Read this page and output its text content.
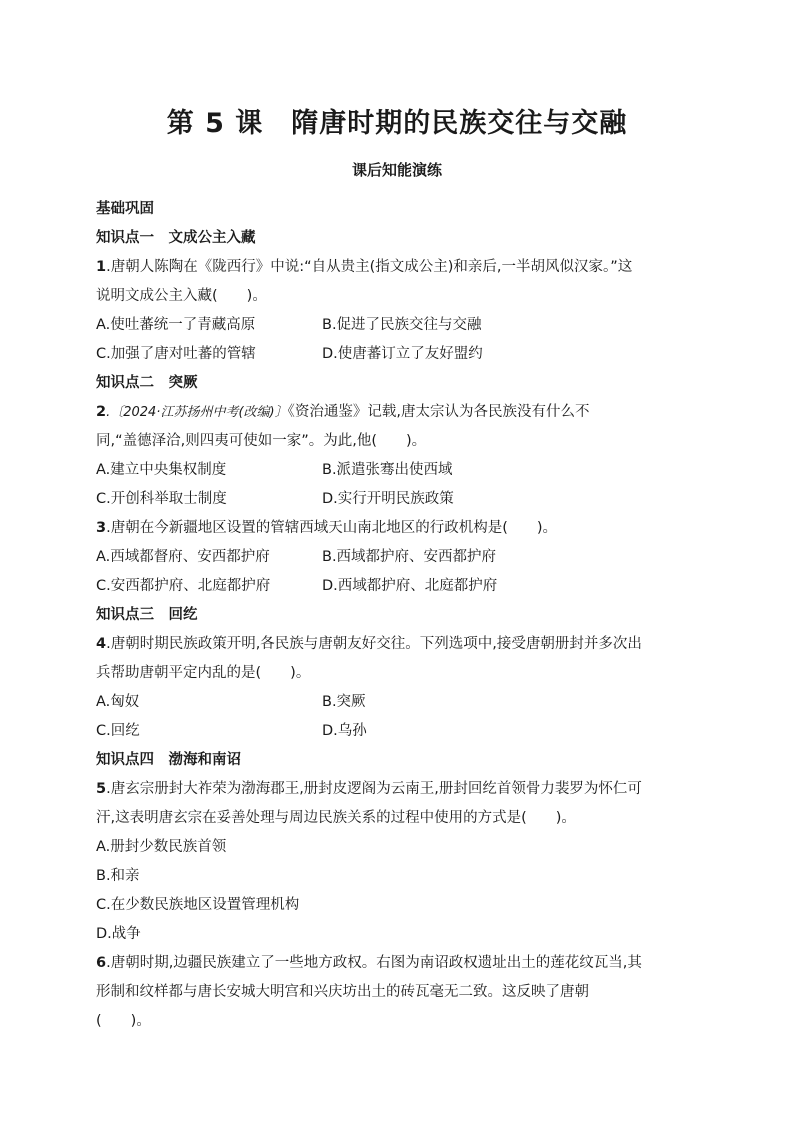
第 5 课　隋唐时期的民族交往与交融
课后知能演练
基础巩固
知识点一　文成公主入藏
1.唐朝人陈陶在《陇西行》中说:“自从贵主(指文成公主)和亲后,一半胡风似汉家。”这
说明文成公主入藏(　　)。
A.使吐蕃统一了青藏高原	B.促进了民族交往与交融
C.加强了唐对吐蕃的管辖	D.使唐蕃订立了友好盟约
知识点二　突厥
2.〔2024·江苏扬州中考(改编)〕《资治通鉴》记载,唐太宗认为各民族没有什么不
同,“盖德泽洽,则四夷可使如一家”。为此,他(　　)。
A.建立中央集权制度	B.派遣张骞出使西域
C.开创科举取士制度	D.实行开明民族政策
3.唐朝在今新疆地区设置的管辖西域天山南北地区的行政机构是(　　)。
A.西域都督府、安西都护府	B.西域都护府、安西都护府
C.安西都护府、北庭都护府	D.西域都护府、北庭都护府
知识点三　回纥
4.唐朝时期民族政策开明,各民族与唐朝友好交往。下列选项中,接受唐朝册封并多次出
兵帮助唐朝平定内乱的是(　　)。
A.匈奴	B.突厥
C.回纥	D.乌孙
知识点四　渤海和南诏
5.唐玄宗册封大祚荣为渤海郡王,册封皮逻阁为云南王,册封回纥首领骨力裴罗为怀仁可
汗,这表明唐玄宗在妥善处理与周边民族关系的过程中使用的方式是(　　)。
A.册封少数民族首领
B.和亲
C.在少数民族地区设置管理机构
D.战争
6.唐朝时期,边疆民族建立了一些地方政权。右图为南诏政权遗址出土的莲花纹瓦当,其
形制和纹样都与唐长安城大明宫和兴庆坊出土的砖瓦毫无二致。这反映了唐朝
(　　)。
